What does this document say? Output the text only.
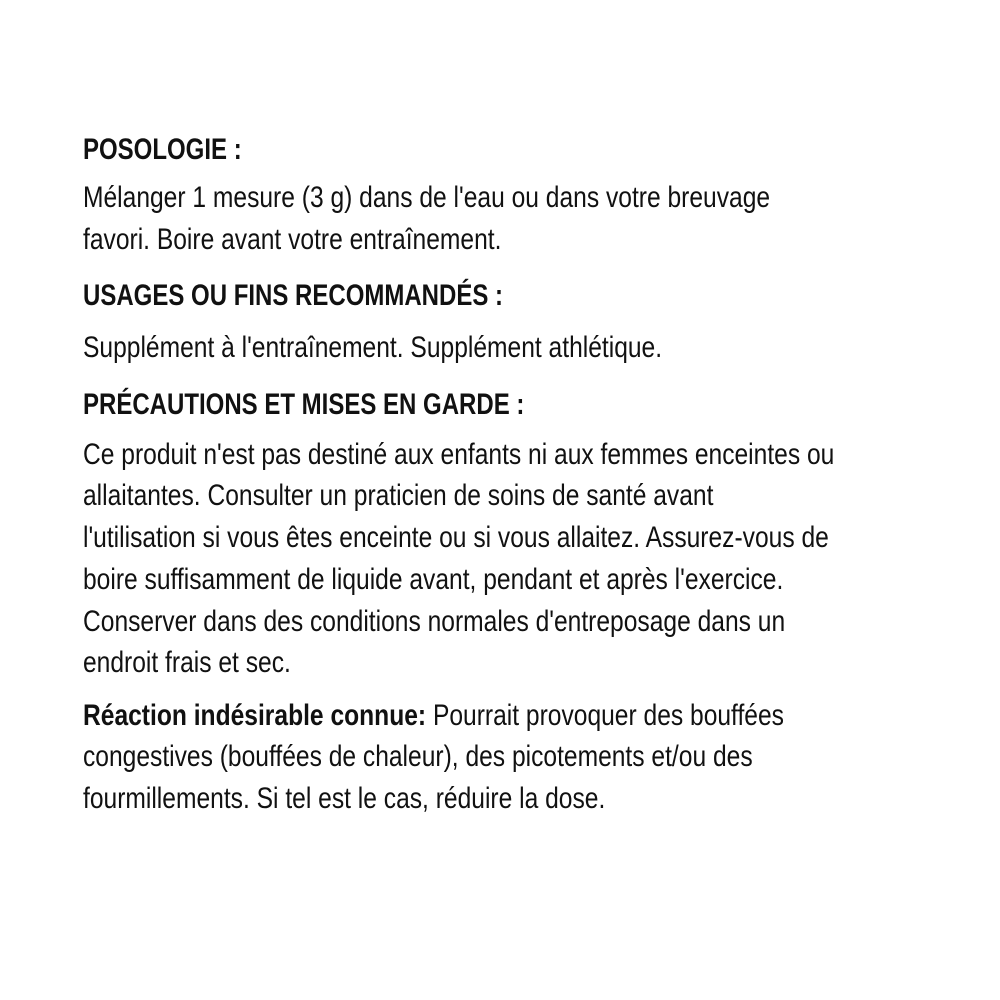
POSOLOGIE :
Mélanger 1 mesure (3 g) dans de l'eau ou dans votre breuvage
favori. Boire avant votre entraînement.
USAGES OU FINS RECOMMANDÉS :
Supplément à l'entraînement. Supplément athlétique.
PRÉCAUTIONS ET MISES EN GARDE :
Ce produit n'est pas destiné aux enfants ni aux femmes enceintes ou
allaitantes. Consulter un praticien de soins de santé avant
l'utilisation si vous êtes enceinte ou si vous allaitez. Assurez-vous de
boire suffisamment de liquide avant, pendant et après l'exercice.
Conserver dans des conditions normales d'entreposage dans un
endroit frais et sec.
Réaction indésirable connue: Pourrait provoquer des bouffées
congestives (bouffées de chaleur), des picotements et/ou des
fourmillements. Si tel est le cas, réduire la dose.
